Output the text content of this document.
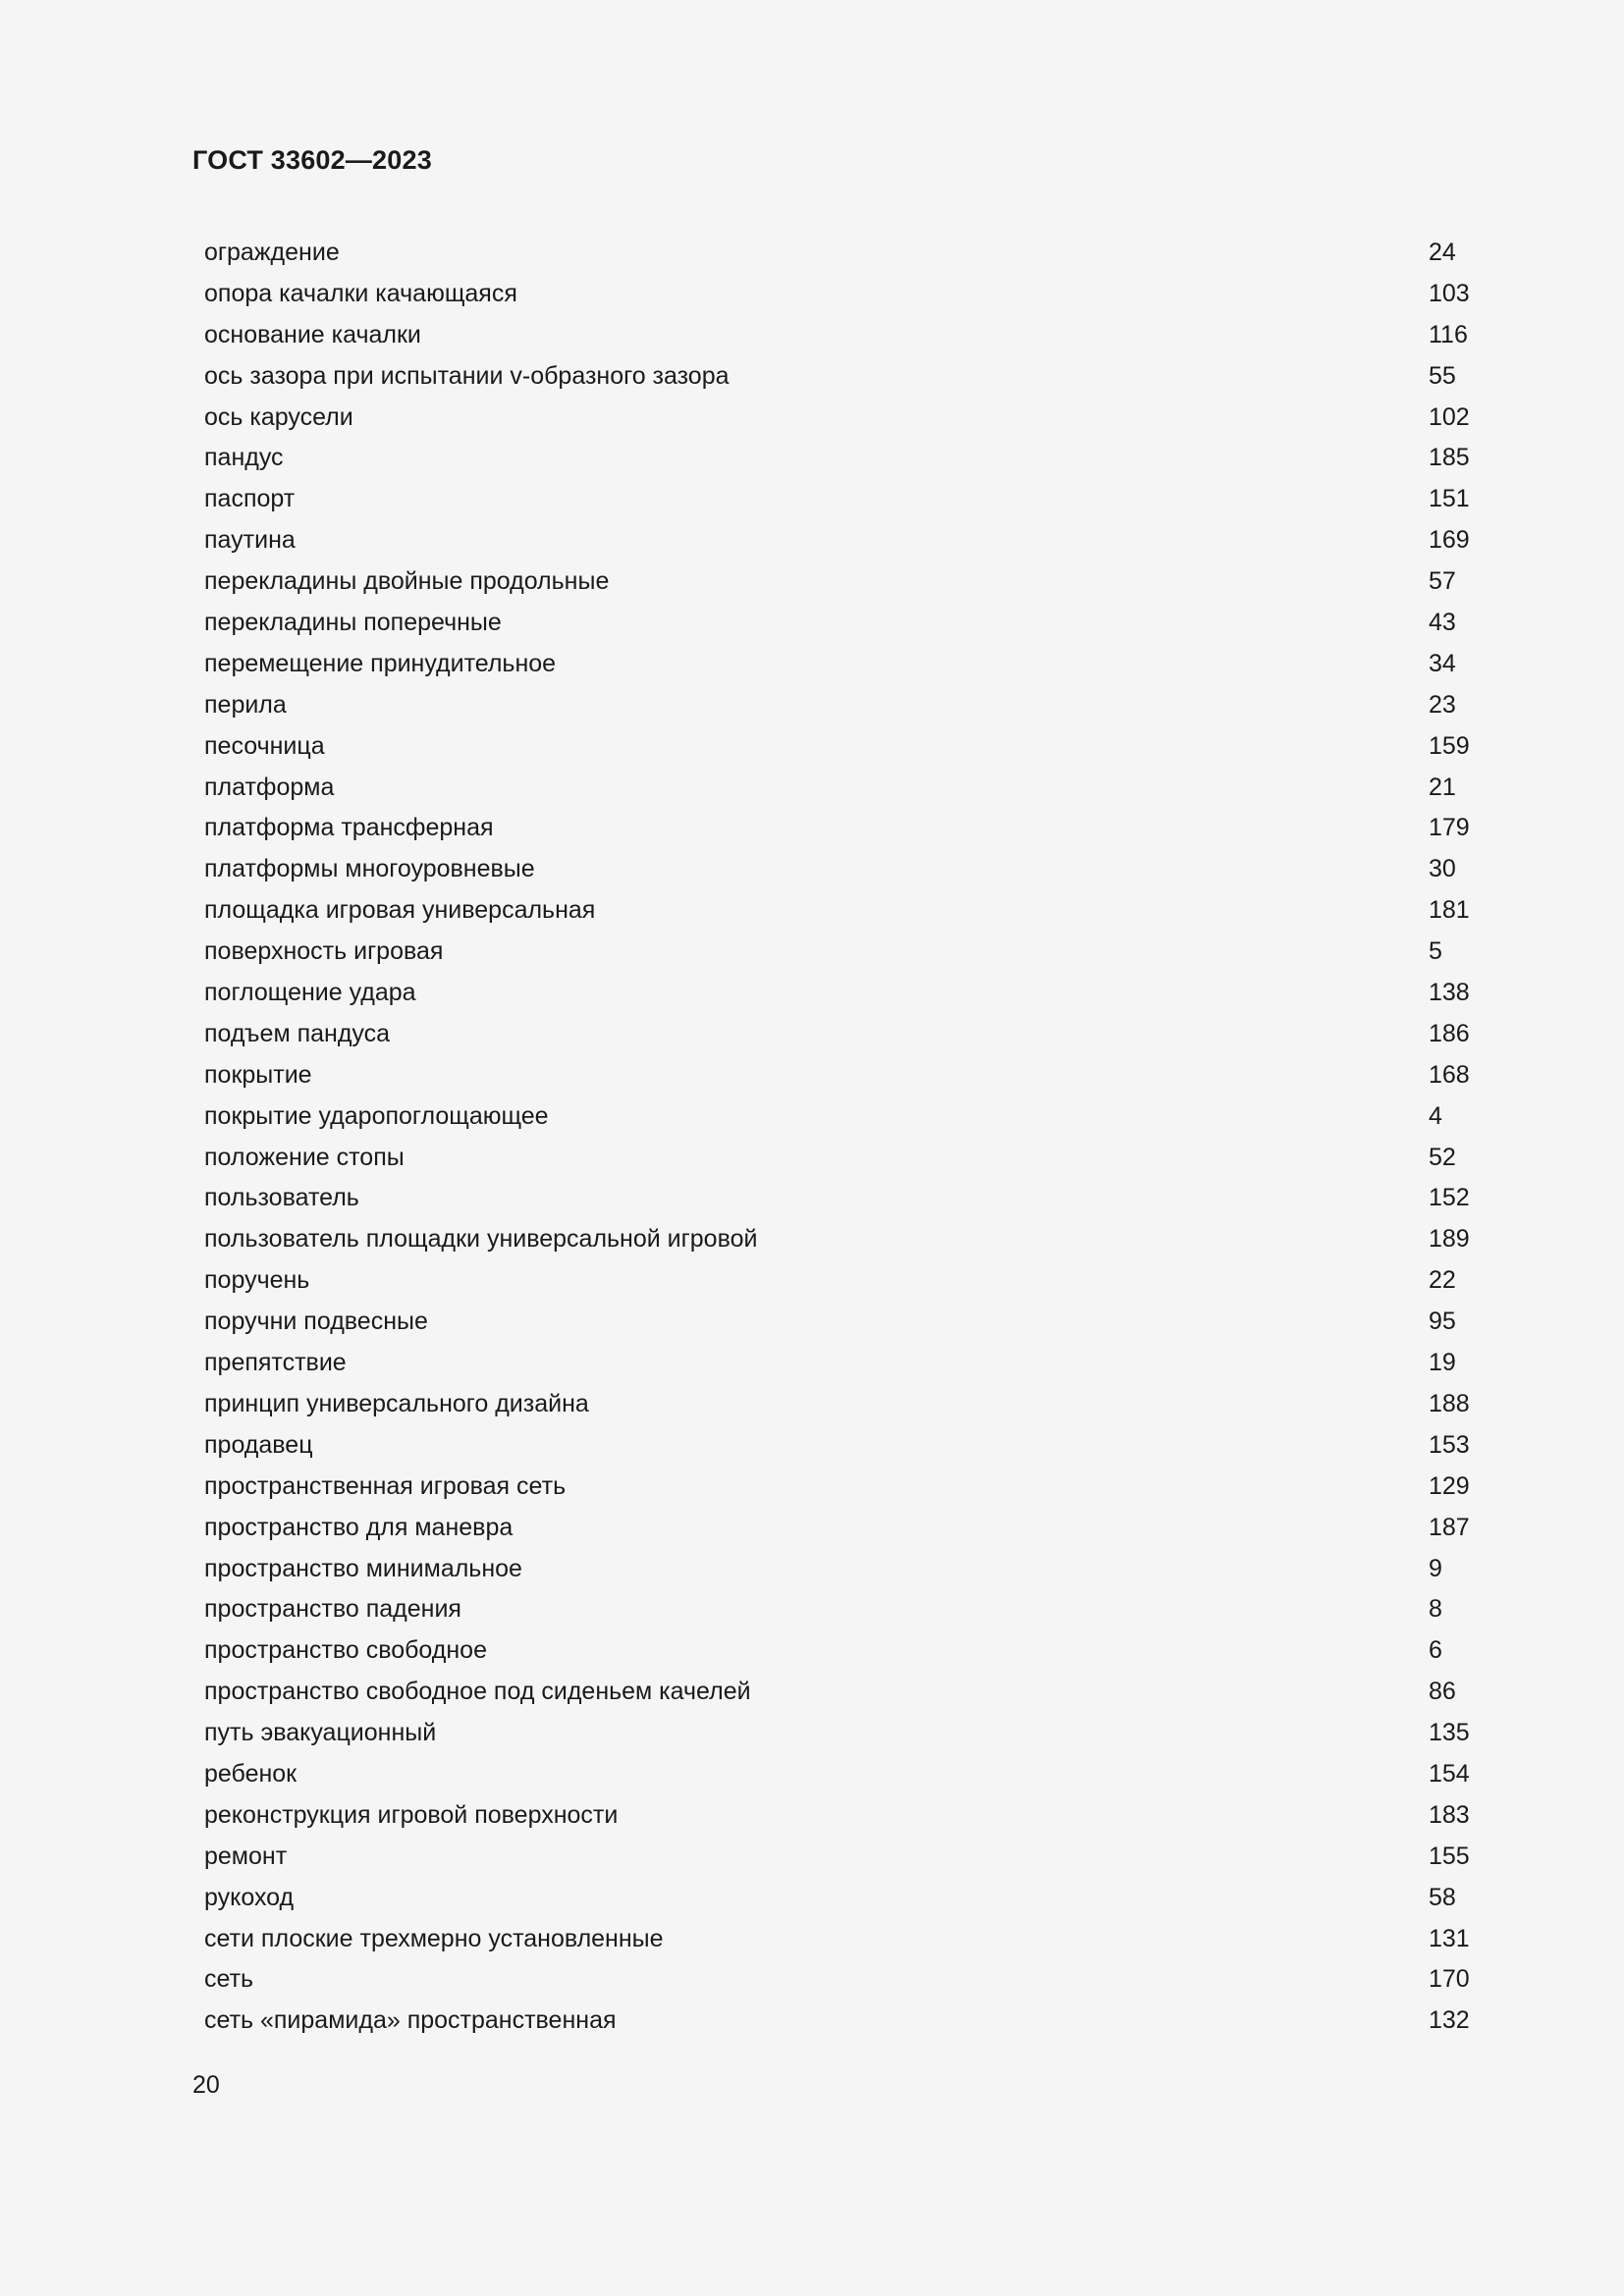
ГОСТ 33602—2023
ограждение	24
опора качалки качающаяся	103
основание качалки	116
ось зазора при испытании v-образного зазора	55
ось карусели	102
пандус	185
паспорт	151
паутина	169
перекладины двойные продольные	57
перекладины поперечные	43
перемещение принудительное	34
перила	23
песочница	159
платформа	21
платформа трансферная	179
платформы многоуровневые	30
площадка игровая универсальная	181
поверхность игровая	5
поглощение удара	138
подъем пандуса	186
покрытие	168
покрытие ударопоглощающее	4
положение стопы	52
пользователь	152
пользователь площадки универсальной игровой	189
поручень	22
поручни подвесные	95
препятствие	19
принцип универсального дизайна	188
продавец	153
пространственная игровая сеть	129
пространство для маневра	187
пространство минимальное	9
пространство падения	8
пространство свободное	6
пространство свободное под сиденьем качелей	86
путь эвакуационный	135
ребенок	154
реконструкция игровой поверхности	183
ремонт	155
рукоход	58
сети плоские трехмерно установленные	131
сеть	170
сеть «пирамида» пространственная	132
20
